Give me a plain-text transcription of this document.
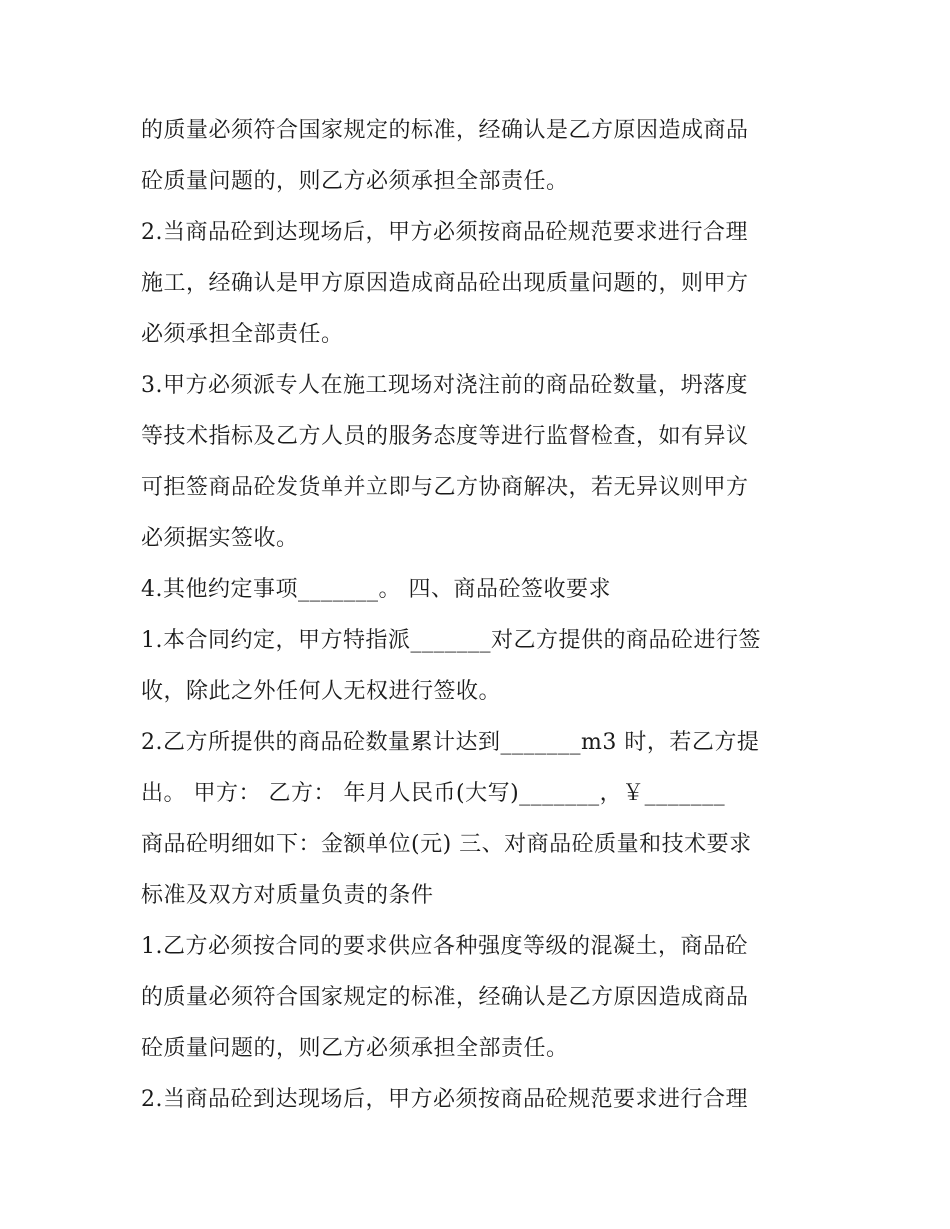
的质量必须符合国家规定的标准，经确认是乙方原因造成商品
砼质量问题的，则乙方必须承担全部责任。
2.当商品砼到达现场后，甲方必须按商品砼规范要求进行合理
施工，经确认是甲方原因造成商品砼出现质量问题的，则甲方
必须承担全部责任。
3.甲方必须派专人在施工现场对浇注前的商品砼数量，坍落度
等技术指标及乙方人员的服务态度等进行监督检查，如有异议
可拒签商品砼发货单并立即与乙方协商解决，若无异议则甲方
必须据实签收。
4.其他约定事项_______。 四、商品砼签收要求
1.本合同约定，甲方特指派_______对乙方提供的商品砼进行签
收，除此之外任何人无权进行签收。
2.乙方所提供的商品砼数量累计达到_______m3 时，若乙方提
出。 甲方： 乙方： 年月人民币(大写)_______，￥_______
商品砼明细如下：金额单位(元) 三、对商品砼质量和技术要求
标准及双方对质量负责的条件
1.乙方必须按合同的要求供应各种强度等级的混凝土，商品砼
的质量必须符合国家规定的标准，经确认是乙方原因造成商品
砼质量问题的，则乙方必须承担全部责任。
2.当商品砼到达现场后，甲方必须按商品砼规范要求进行合理
